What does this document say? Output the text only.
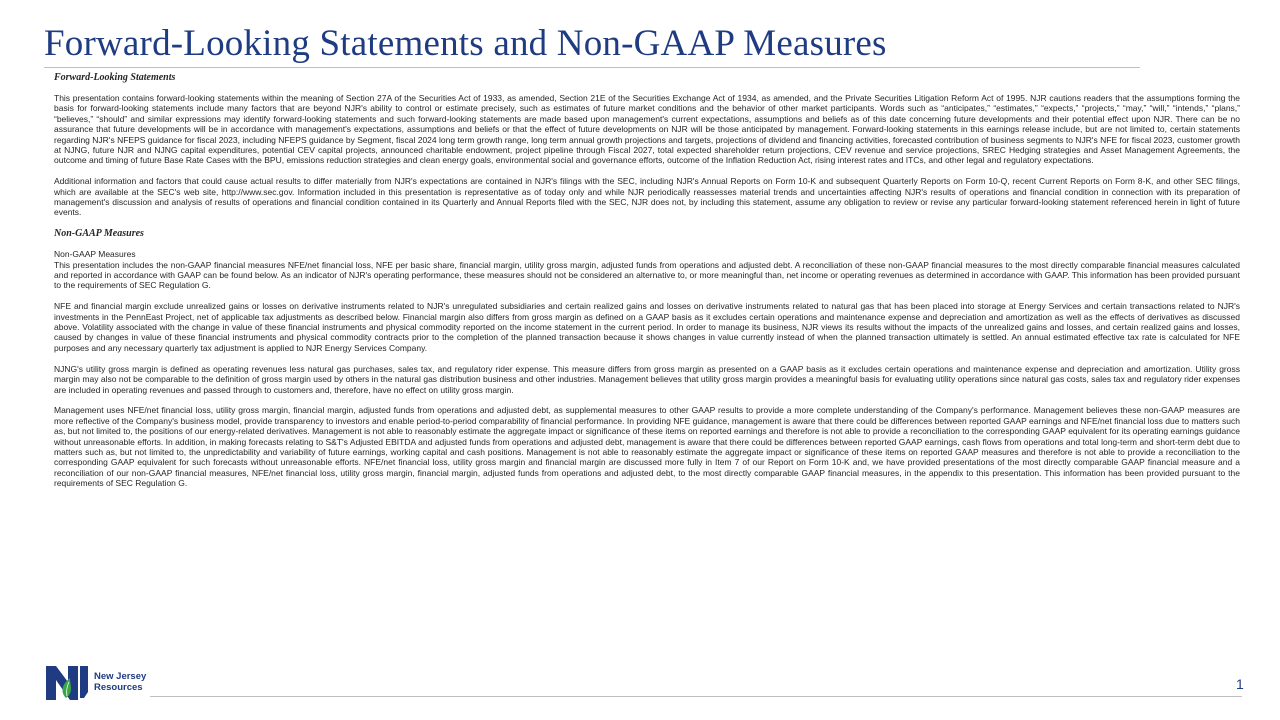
Forward-Looking Statements and Non-GAAP Measures
Forward-Looking Statements

This presentation contains forward-looking statements within the meaning of Section 27A of the Securities Act of 1933, as amended, Section 21E of the Securities Exchange Act of 1934, as amended, and the Private Securities Litigation Reform Act of 1995. NJR cautions readers that the assumptions forming the basis for forward-looking statements include many factors that are beyond NJR's ability to control or estimate precisely, such as estimates of future market conditions and the behavior of other market participants. Words such as “anticipates,” “estimates,” “expects,” “projects,” “may,” “will,” “intends,” “plans,” “believes,” “should” and similar expressions may identify forward-looking statements and such forward-looking statements are made based upon management's current expectations, assumptions and beliefs as of this date concerning future developments and their potential effect upon NJR. There can be no assurance that future developments will be in accordance with management's expectations, assumptions and beliefs or that the effect of future developments on NJR will be those anticipated by management. Forward-looking statements in this earnings release include, but are not limited to, certain statements regarding NJR's NFEPS guidance for fiscal 2023, including NFEPS guidance by Segment, fiscal 2024 long term growth range, long term annual growth projections and targets, projections of dividend and financing activities, forecasted contribution of business segments to NJR's NFE for fiscal 2023, customer growth at NJNG, future NJR and NJNG capital expenditures, potential CEV capital projects, announced charitable endowment, project pipeline through Fiscal 2027, total expected shareholder return projections, CEV revenue and service projections, SREC Hedging strategies and Asset Management Agreements, the outcome and timing of future Base Rate Cases with the BPU, emissions reduction strategies and clean energy goals, environmental social and governance efforts, outcome of the Inflation Reduction Act, rising interest rates and ITCs, and other legal and regulatory expectations.

Additional information and factors that could cause actual results to differ materially from NJR's expectations are contained in NJR's filings with the SEC, including NJR's Annual Reports on Form 10-K and subsequent Quarterly Reports on Form 10-Q, recent Current Reports on Form 8-K, and other SEC filings, which are available at the SEC's web site, http://www.sec.gov. Information included in this presentation is representative as of today only and while NJR periodically reassesses material trends and uncertainties affecting NJR's results of operations and financial condition in connection with its preparation of management's discussion and analysis of results of operations and financial condition contained in its Quarterly and Annual Reports filed with the SEC, NJR does not, by including this statement, assume any obligation to review or revise any particular forward-looking statement referenced herein in light of future events.

Non-GAAP Measures

Non-GAAP Measures

This presentation includes the non-GAAP financial measures NFE/net financial loss, NFE per basic share, financial margin, utility gross margin, adjusted funds from operations and adjusted debt. A reconciliation of these non-GAAP financial measures to the most directly comparable financial measures calculated and reported in accordance with GAAP can be found below. As an indicator of NJR's operating performance, these measures should not be considered an alternative to, or more meaningful than, net income or operating revenues as determined in accordance with GAAP. This information has been provided pursuant to the requirements of SEC Regulation G.

NFE and financial margin exclude unrealized gains or losses on derivative instruments related to NJR's unregulated subsidiaries and certain realized gains and losses on derivative instruments related to natural gas that has been placed into storage at Energy Services and certain transactions related to NJR's investments in the PennEast Project, net of applicable tax adjustments as described below. Financial margin also differs from gross margin as defined on a GAAP basis as it excludes certain operations and maintenance expense and depreciation and amortization as well as the effects of derivatives as discussed above. Volatility associated with the change in value of these financial instruments and physical commodity reported on the income statement in the current period. In order to manage its business, NJR views its results without the impacts of the unrealized gains and losses, and certain realized gains and losses, caused by changes in value of these financial instruments and physical commodity contracts prior to the completion of the planned transaction because it shows changes in value currently instead of when the planned transaction ultimately is settled. An annual estimated effective tax rate is calculated for NFE purposes and any necessary quarterly tax adjustment is applied to NJR Energy Services Company.

NJNG's utility gross margin is defined as operating revenues less natural gas purchases, sales tax, and regulatory rider expense. This measure differs from gross margin as presented on a GAAP basis as it excludes certain operations and maintenance expense and depreciation and amortization. Utility gross margin may also not be comparable to the definition of gross margin used by others in the natural gas distribution business and other industries. Management believes that utility gross margin provides a meaningful basis for evaluating utility operations since natural gas costs, sales tax and regulatory rider expenses are included in operating revenues and passed through to customers and, therefore, have no effect on utility gross margin.

Management uses NFE/net financial loss, utility gross margin, financial margin, adjusted funds from operations and adjusted debt, as supplemental measures to other GAAP results to provide a more complete understanding of the Company's performance. Management believes these non-GAAP measures are more reflective of the Company's business model, provide transparency to investors and enable period-to-period comparability of financial performance. In providing NFE guidance, management is aware that there could be differences between reported GAAP earnings and NFE/net financial loss due to matters such as, but not limited to, the positions of our energy-related derivatives. Management is not able to reasonably estimate the aggregate impact or significance of these items on reported earnings and therefore is not able to provide a reconciliation to the corresponding GAAP equivalent for its operating earnings guidance without unreasonable efforts. In addition, in making forecasts relating to S&T's Adjusted EBITDA and adjusted funds from operations and adjusted debt, management is aware that there could be differences between reported GAAP earnings, cash flows from operations and total long-term and short-term debt due to matters such as, but not limited to, the unpredictability and variability of future earnings, working capital and cash positions. Management is not able to reasonably estimate the aggregate impact or significance of these items on reported GAAP measures and therefore is not able to provide a reconciliation to the corresponding GAAP equivalent for such forecasts without unreasonable efforts. NFE/net financial loss, utility gross margin and financial margin are discussed more fully in Item 7 of our Report on Form 10-K and, we have provided presentations of the most directly comparable GAAP financial measure and a reconciliation of our non-GAAP financial measures, NFE/net financial loss, utility gross margin, financial margin, adjusted funds from operations and adjusted debt, to the most directly comparable GAAP financial measures, in the appendix to this presentation. This information has been provided pursuant to the requirements of SEC Regulation G.

New Jersey
Resources	1
